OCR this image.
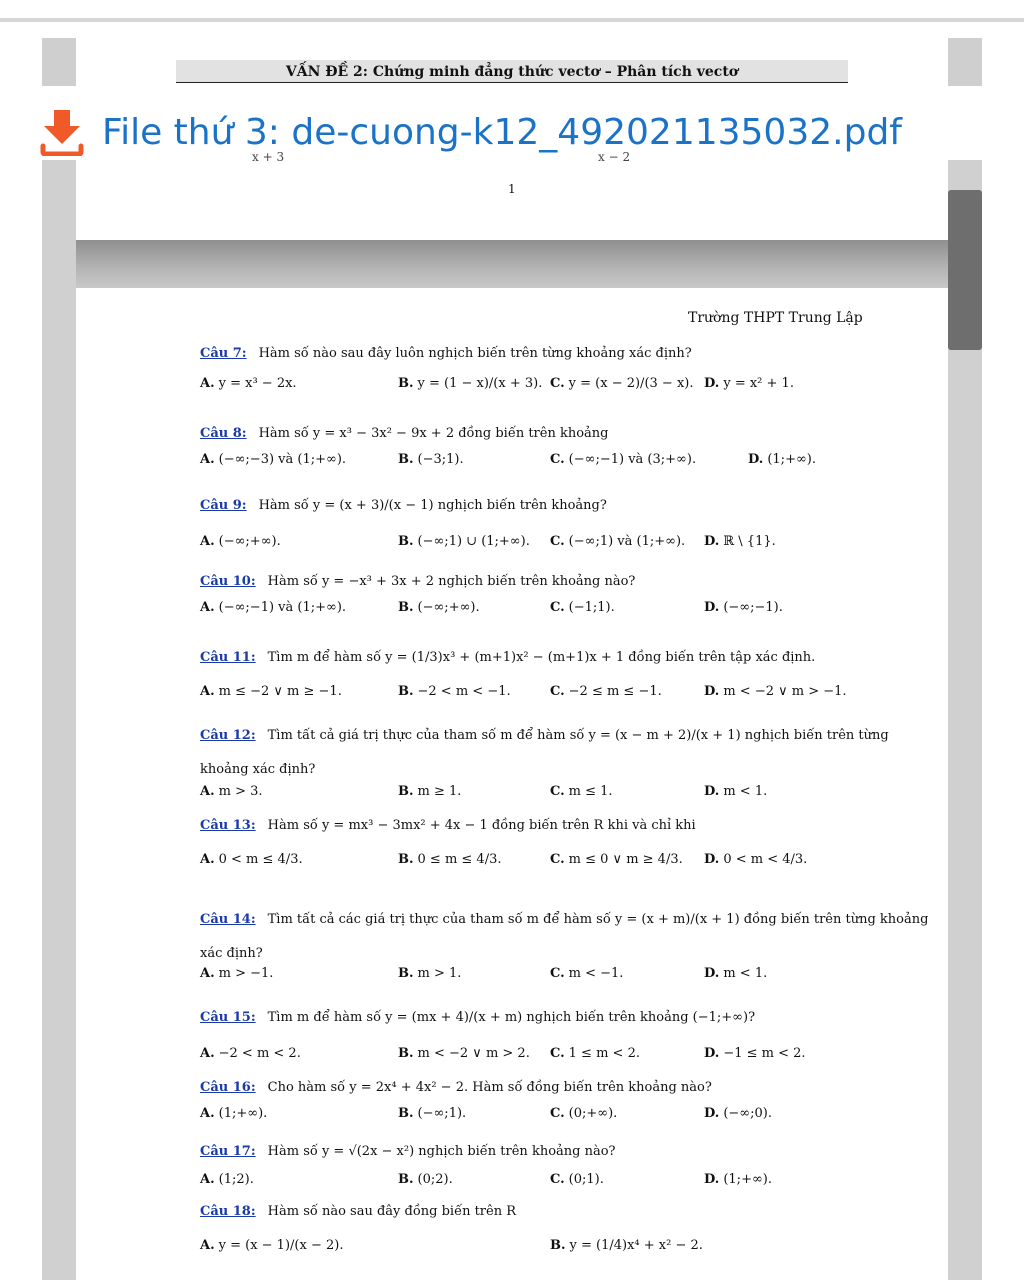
VẤN ĐỀ 2: Chứng minh đẳng thức vectơ – Phân tích vectơ
x + 3	x − 2
1
File thứ 3: de-cuong-k12_492021135032.pdf
Trường THPT Trung Lập
Câu 7: Hàm số nào sau đây luôn nghịch biến trên từng khoảng xác định?
A. y = x³ − 2x.	B. y = (1 − x)/(x + 3). C. y = (x − 2)/(3 − x). D. y = x² + 1.
Câu 8: Hàm số y = x³ − 3x² − 9x + 2 đồng biến trên khoảng
A. (−∞;−3) và (1;+∞).	B. (−3;1).	C. (−∞;−1) và (3;+∞).	D. (1;+∞).
Câu 9: Hàm số y = (x + 3)/(x − 1) nghịch biến trên khoảng?
A. (−∞;+∞).	B. (−∞;1) ∪ (1;+∞). C. (−∞;1) và (1;+∞). D. ℝ \ {1}.
Câu 10: Hàm số y = −x³ + 3x + 2 nghịch biến trên khoảng nào?
A. (−∞;−1) và (1;+∞).	B. (−∞;+∞).	C. (−1;1).	D. (−∞;−1).
Câu 11: Tìm m để hàm số y = (1/3)x³ + (m+1)x² − (m+1)x + 1 đồng biến trên tập xác định.
A. m ≤ −2 ∨ m ≥ −1.	B. −2 < m < −1.	C. −2 ≤ m ≤ −1.	D. m < −2 ∨ m > −1.
Câu 12: Tìm tất cả giá trị thực của tham số m để hàm số y = (x − m + 2)/(x + 1) nghịch biến trên từng
khoảng xác định?
A. m > 3.	B. m ≥ 1.	C. m ≤ 1.	D. m < 1.
Câu 13: Hàm số y = mx³ − 3mx² + 4x − 1 đồng biến trên R khi và chỉ khi
A. 0 < m ≤ 4/3.	B. 0 ≤ m ≤ 4/3.	C. m ≤ 0 ∨ m ≥ 4/3. D. 0 < m < 4/3.
Câu 14: Tìm tất cả các giá trị thực của tham số m để hàm số y = (x + m)/(x + 1) đồng biến trên từng khoảng
xác định?
A. m > −1.	B. m > 1.	C. m < −1.	D. m < 1.
Câu 15: Tìm m để hàm số y = (mx + 4)/(x + m) nghịch biến trên khoảng (−1;+∞)?
A. −2 < m < 2.	B. m < −2 ∨ m > 2. C. 1 ≤ m < 2.	D. −1 ≤ m < 2.
Câu 16: Cho hàm số y = 2x⁴ + 4x² − 2. Hàm số đồng biến trên khoảng nào?
A. (1;+∞).	B. (−∞;1).	C. (0;+∞).	D. (−∞;0).
Câu 17: Hàm số y = √(2x − x²) nghịch biến trên khoảng nào?
A. (1;2).	B. (0;2).	C. (0;1).	D. (1;+∞).
Câu 18: Hàm số nào sau đây đồng biến trên R
A. y = (x − 1)/(x − 2).	B. y = (1/4)x⁴ + x² − 2.
